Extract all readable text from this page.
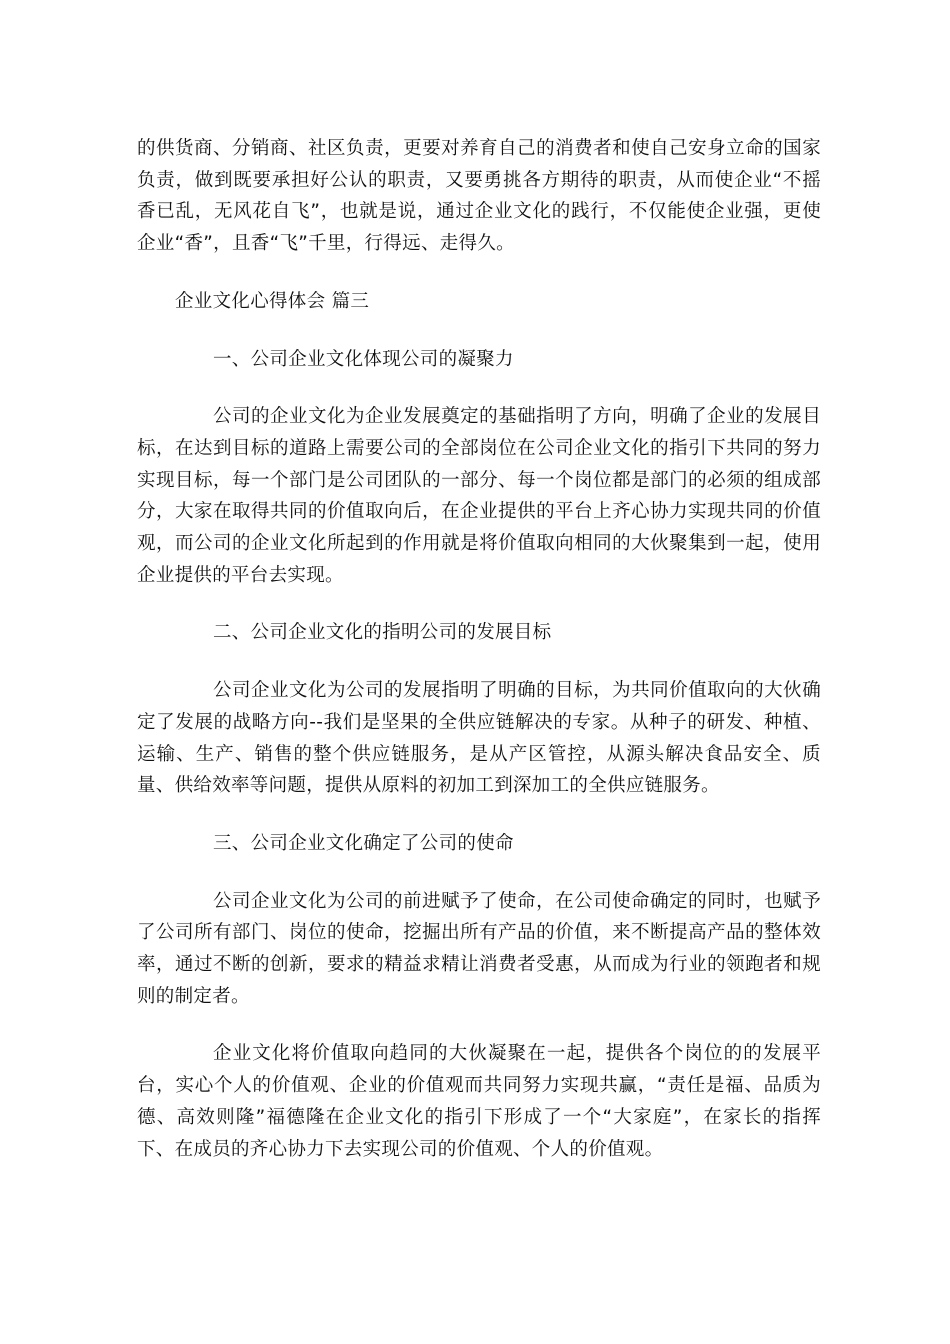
的供货商、分销商、社区负责，更要对养育自己的消费者和使自己安身立命的国家负责，做到既要承担好公认的职责，又要勇挑各方期待的职责，从而使企业“不摇香已乱，无风花自飞”，也就是说，通过企业文化的践行，不仅能使企业强，更使企业“香”，且香“飞”千里，行得远、走得久。

企业文化心得体会 篇三

一、公司企业文化体现公司的凝聚力

公司的企业文化为企业发展奠定的基础指明了方向，明确了企业的发展目标，在达到目标的道路上需要公司的全部岗位在公司企业文化的指引下共同的努力实现目标，每一个部门是公司团队的一部分、每一个岗位都是部门的必须的组成部分，大家在取得共同的价值取向后，在企业提供的平台上齐心协力实现共同的价值观，而公司的企业文化所起到的作用就是将价值取向相同的大伙聚集到一起，使用企业提供的平台去实现。

二、公司企业文化的指明公司的发展目标

公司企业文化为公司的发展指明了明确的目标，为共同价值取向的大伙确定了发展的战略方向--我们是坚果的全供应链解决的专家。从种子的研发、种植、运输、生产、销售的整个供应链服务，是从产区管控，从源头解决食品安全、质量、供给效率等问题，提供从原料的初加工到深加工的全供应链服务。

三、公司企业文化确定了公司的使命

公司企业文化为公司的前进赋予了使命，在公司使命确定的同时，也赋予了公司所有部门、岗位的使命，挖掘出所有产品的价值，来不断提高产品的整体效率，通过不断的创新，要求的精益求精让消费者受惠，从而成为行业的领跑者和规则的制定者。

企业文化将价值取向趋同的大伙凝聚在一起，提供各个岗位的的发展平台，实心个人的价值观、企业的价值观而共同努力实现共赢，“责任是福、品质为德、高效则隆”福德隆在企业文化的指引下形成了一个“大家庭”，在家长的指挥下、在成员的齐心协力下去实现公司的价值观、个人的价值观。
